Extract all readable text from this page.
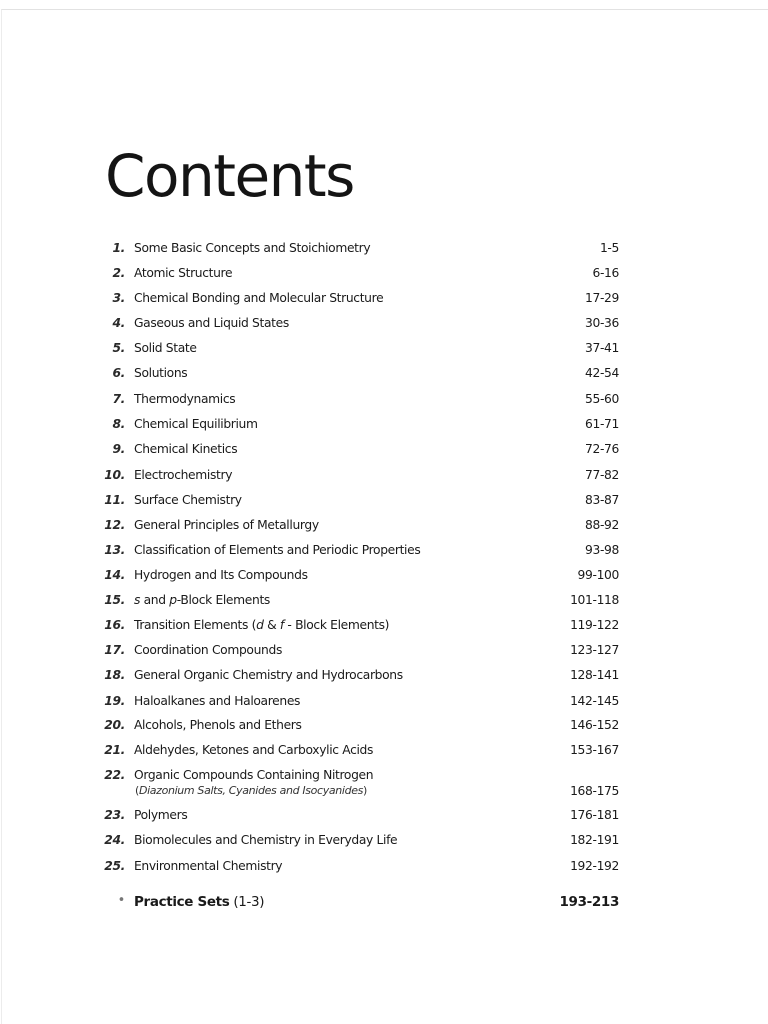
Contents
1. Some Basic Concepts and Stoichiometry	1-5
2. Atomic Structure	6-16
3. Chemical Bonding and Molecular Structure	17-29
4. Gaseous and Liquid States	30-36
5. Solid State	37-41
6. Solutions	42-54
7. Thermodynamics	55-60
8. Chemical Equilibrium	61-71
9. Chemical Kinetics	72-76
10. Electrochemistry	77-82
11. Surface Chemistry	83-87
12. General Principles of Metallurgy	88-92
13. Classification of Elements and Periodic Properties	93-98
14. Hydrogen and Its Compounds	99-100
15. s and p-Block Elements	101-118
16. Transition Elements (d & f - Block Elements)	119-122
17. Coordination Compounds	123-127
18. General Organic Chemistry and Hydrocarbons	128-141
19. Haloalkanes and Haloarenes	142-145
20. Alcohols, Phenols and Ethers	146-152
21. Aldehydes, Ketones and Carboxylic Acids	153-167
22. Organic Compounds Containing Nitrogen
(Diazonium Salts, Cyanides and Isocyanides)	168-175
23. Polymers	176-181
24. Biomolecules and Chemistry in Everyday Life	182-191
25. Environmental Chemistry	192-192
• Practice Sets (1-3)	193-213
